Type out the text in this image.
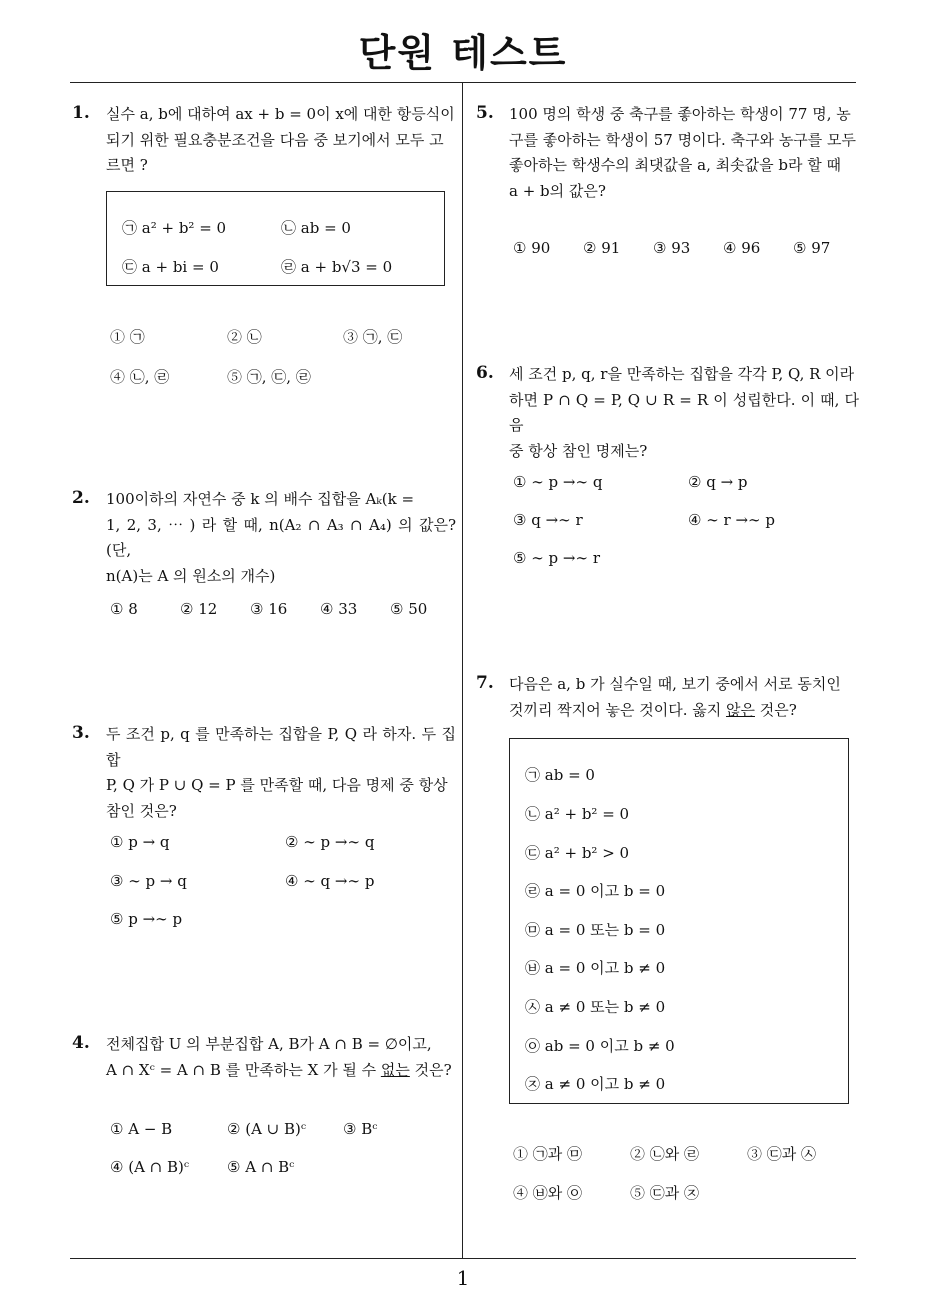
단원 테스트
1
1. 실수 a, b에 대하여 ax + b = 0이 x에 대한 항등식이
되기 위한 필요충분조건을 다음 중 보기에서 모두 고
르면 ?
㉠ a² + b² = 0	㉡ ab = 0
㉢ a + bi = 0	㉣ a + b√3 = 0
① ㉠	② ㉡	③ ㉠, ㉢
④ ㉡, ㉣	⑤ ㉠, ㉢, ㉣
2. 100이하의 자연수 중 k 의 배수 집합을 Aₖ(k =
1, 2, 3, ⋯ ) 라 할 때, n(A₂ ∩ A₃ ∩ A₄) 의 값은? (단,
n(A)는 A 의 원소의 개수)
① 8	② 12 ③ 16 ④ 33 ⑤ 50
3. 두 조건 p, q 를 만족하는 집합을 P, Q 라 하자. 두 집합
P, Q 가 P ∪ Q = P 를 만족할 때, 다음 명제 중 항상
참인 것은?
① p → q	② ∼ p →∼ q
③ ∼ p → q	④ ∼ q →∼ p
⑤ p →∼ p
4. 전체집합 U 의 부분집합 A, B가 A ∩ B = ∅이고,
A ∩ Xᶜ = A ∩ B 를 만족하는 X 가 될 수 없는 것은?
① A − B	② (A ∪ B)ᶜ ③ Bᶜ
④ (A ∩ B)ᶜ	⑤ A ∩ Bᶜ
5. 100 명의 학생 중 축구를 좋아하는 학생이 77 명, 농
구를 좋아하는 학생이 57 명이다. 축구와 농구를 모두
좋아하는 학생수의 최댓값을 a, 최솟값을 b라 할 때
a + b의 값은?
① 90 ② 91 ③ 93 ④ 96 ⑤ 97
6. 세 조건 p, q, r을 만족하는 집합을 각각 P, Q, R 이라
하면 P ∩ Q = P, Q ∪ R = R 이 성립한다. 이 때, 다음
중 항상 참인 명제는?
① ∼ p →∼ q	② q → p
③ q →∼ r	④ ∼ r →∼ p
⑤ ∼ p →∼ r
7. 다음은 a, b 가 실수일 때, 보기 중에서 서로 동치인
것끼리 짝지어 놓은 것이다. 옳지 않은 것은?
㉠ ab = 0
㉡ a² + b² = 0
㉢ a² + b² > 0
㉣ a = 0 이고 b = 0
㉤ a = 0 또는 b = 0
㉥ a = 0 이고 b ≠ 0
㉦ a ≠ 0 또는 b ≠ 0
㉧ ab = 0 이고 b ≠ 0
㉨ a ≠ 0 이고 b ≠ 0
① ㉠과 ㉤	② ㉡와 ㉣	③ ㉢과 ㉦
④ ㉥와 ㉧	⑤ ㉢과 ㉨
